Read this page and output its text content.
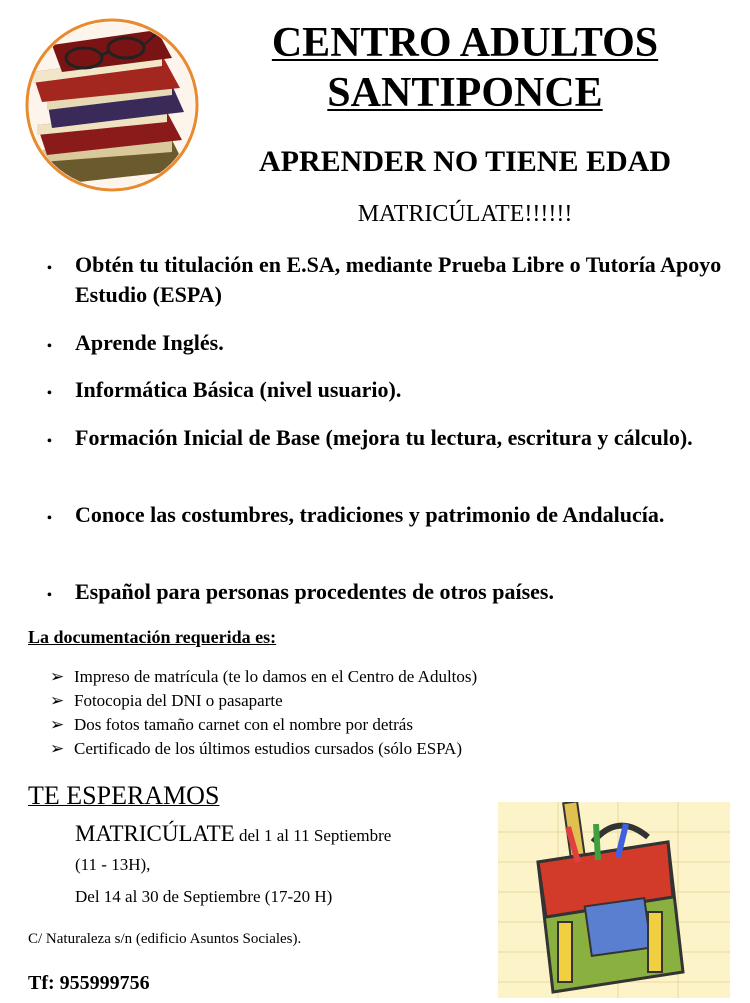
CENTRO ADULTOS
SANTIPONCE
APRENDER NO TIENE EDAD
MATRICÚLATE!!!!!!
• Obtén tu titulación en E.SA, mediante Prueba Libre o Tutoría Apoyo Estudio (ESPA)
• Aprende Inglés.
• Informática Básica (nivel usuario).
• Formación Inicial de Base (mejora tu lectura, escritura y cálculo).
• Conoce las costumbres, tradiciones y patrimonio de Andalucía.
• Español para personas procedentes de otros países.
La documentación requerida es:
➢ Impreso de matrícula (te lo damos en el Centro de Adultos)
➢ Fotocopia del DNI o pasaparte
➢ Dos fotos tamaño carnet con el nombre por detrás
➢ Certificado de los últimos estudios cursados (sólo ESPA)
TE ESPERAMOS
MATRICÚLATE del 1 al 11 Septiembre
(11 - 13H),
Del 14 al 30 de Septiembre (17-20 H)
C/ Naturaleza s/n (edificio Asuntos Sociales).
Tf: 955999756
